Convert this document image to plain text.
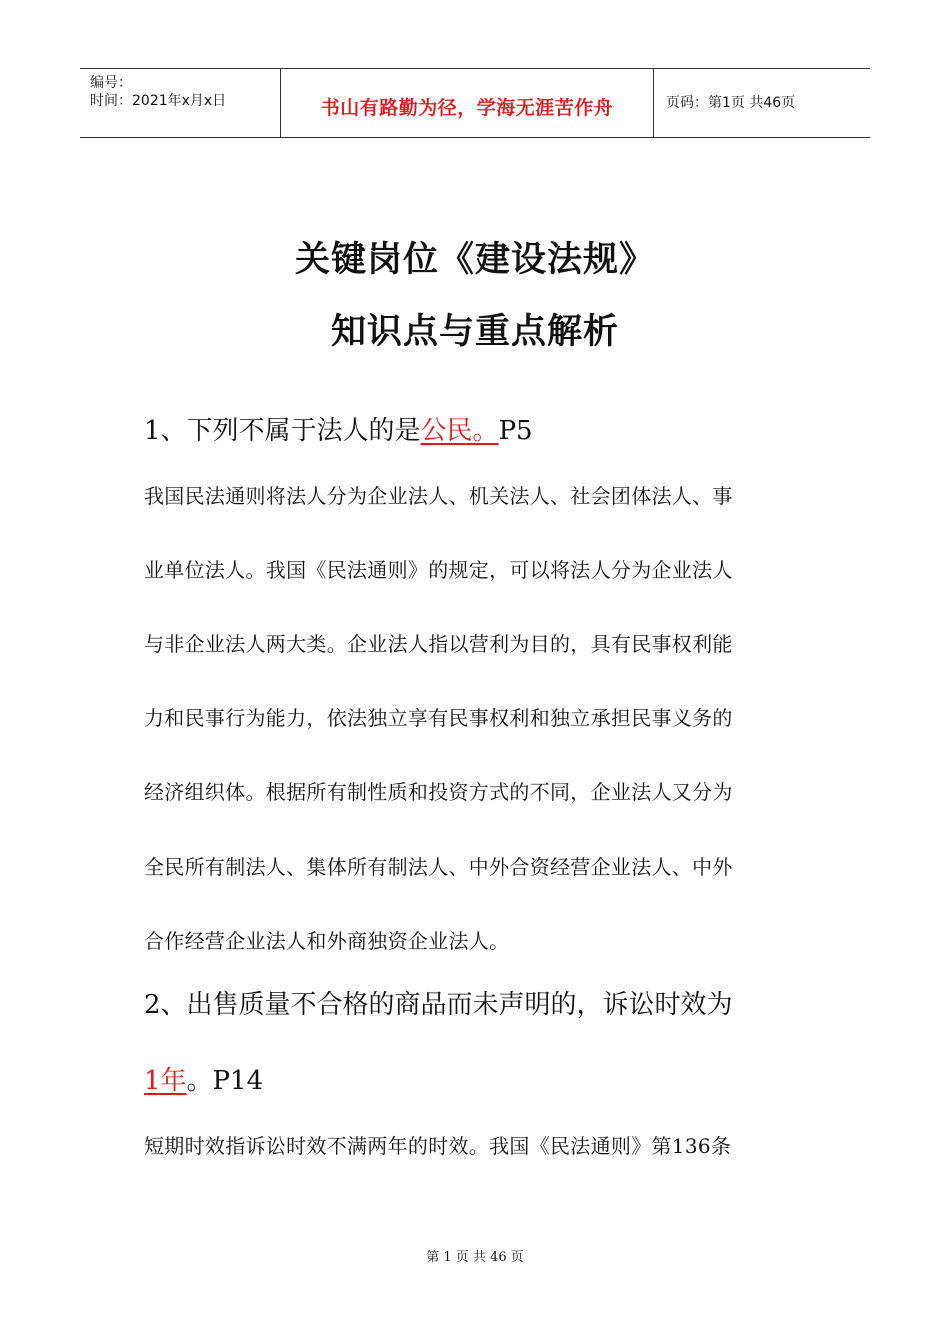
编号：
时间：2021年x月x日	书山有路勤为径，学海无涯苦作舟	页码：第1页 共46页
关键岗位《建设法规》
知识点与重点解析
1、下列不属于法人的是公民。P5
我国民法通则将法人分为企业法人、机关法人、社会团体法人、事
业单位法人。我国《民法通则》的规定，可以将法人分为企业法人
与非企业法人两大类。企业法人指以营利为目的，具有民事权利能
力和民事行为能力，依法独立享有民事权利和独立承担民事义务的
经济组织体。根据所有制性质和投资方式的不同，企业法人又分为
全民所有制法人、集体所有制法人、中外合资经营企业法人、中外
合作经营企业法人和外商独资企业法人。
2、出售质量不合格的商品而未声明的，诉讼时效为
1年。P14
短期时效指诉讼时效不满两年的时效。我国《民法通则》第136条
第 1 页 共 46 页
